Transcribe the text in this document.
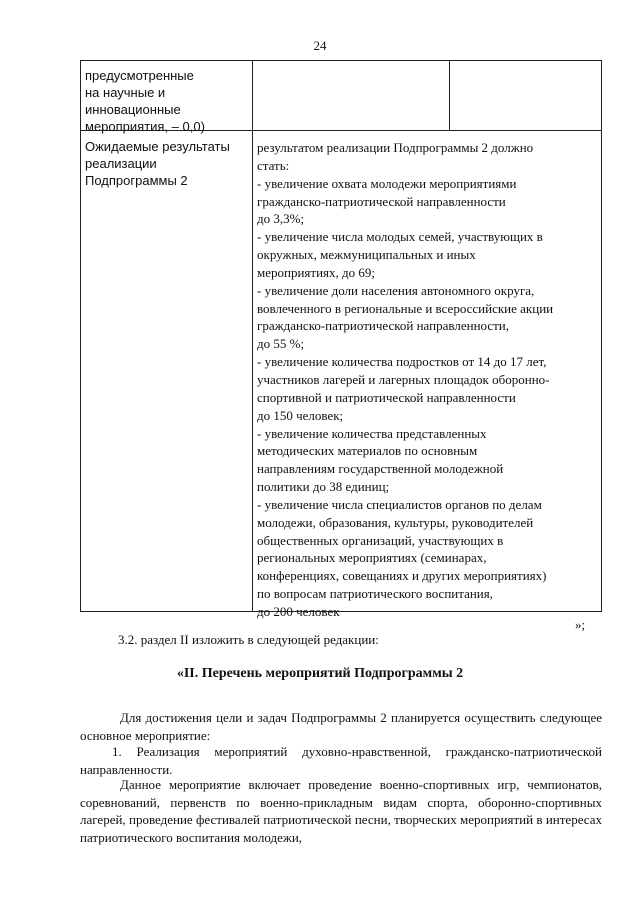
24
предусмотренные
на научные и
инновационные
мероприятия, – 0,0)
Ожидаемые результаты
реализации
Подпрограммы 2
результатом реализации Подпрограммы 2 должно
стать:
- увеличение охвата молодежи мероприятиями
гражданско-патриотической направленности
до 3,3%;
- увеличение числа молодых семей, участвующих в
окружных, межмуниципальных и иных
мероприятиях, до 69;
- увеличение доли населения автономного округа,
вовлеченного в региональные и всероссийские акции
гражданско-патриотической направленности,
до 55 %;
- увеличение количества подростков от 14 до 17 лет,
участников лагерей и лагерных площадок оборонно-
спортивной и патриотической направленности
до 150 человек;
- увеличение количества представленных
методических материалов по основным
направлениям государственной молодежной
политики до 38 единиц;
- увеличение числа специалистов органов по делам
молодежи, образования, культуры, руководителей
общественных организаций, участвующих в
региональных мероприятиях (семинарах,
конференциях, совещаниях и других мероприятиях)
по вопросам патриотического воспитания,
до 200 человек
»;
3.2. раздел II изложить в следующей редакции:
«II. Перечень мероприятий Подпрограммы 2
Для достижения цели и задач Подпрограммы 2 планируется осуществить следующее основное мероприятие:
1. Реализация мероприятий духовно-нравственной, гражданско-патриотической направленности.
Данное мероприятие включает проведение военно-спортивных игр, чемпионатов, соревнований, первенств по военно-прикладным видам спорта, оборонно-спортивных лагерей, проведение фестивалей патриотической песни, творческих мероприятий в интересах патриотического воспитания молодежи,
